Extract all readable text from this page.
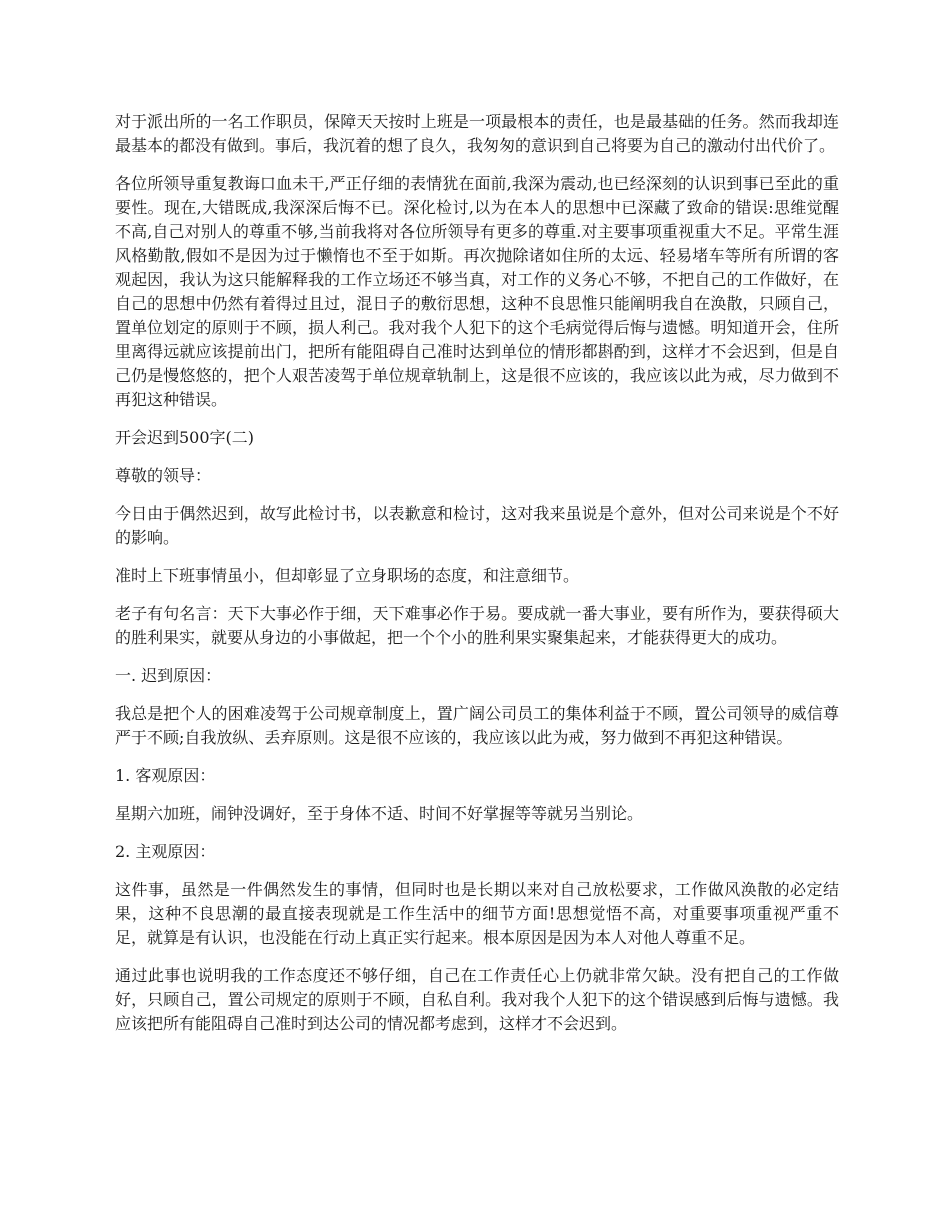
对于派出所的一名工作职员，保障天天按时上班是一项最根本的责任，也是最基础的任务。然而我却连最基本的都没有做到。事后，我沉着的想了良久，我匆匆的意识到自己将要为自己的激动付出代价了。

各位所领导重复教诲口血未干,严正仔细的表情犹在面前,我深为震动,也已经深刻的认识到事已至此的重要性。现在,大错既成,我深深后悔不已。深化检讨,以为在本人的思想中已深藏了致命的错误:思维觉醒不高,自己对别人的尊重不够,当前我将对各位所领导有更多的尊重.对主要事项重视重大不足。平常生涯风格勤散,假如不是因为过于懒惰也不至于如斯。再次抛除诸如住所的太远、轻易堵车等所有所谓的客观起因，我认为这只能解释我的工作立场还不够当真，对工作的义务心不够，不把自己的工作做好，在自己的思想中仍然有着得过且过，混日子的敷衍思想，这种不良思惟只能阐明我自在涣散，只顾自己，置单位划定的原则于不顾，损人利己。我对我个人犯下的这个毛病觉得后悔与遗憾。明知道开会，住所里离得远就应该提前出门，把所有能阻碍自己准时达到单位的情形都斟酌到，这样才不会迟到，但是自己仍是慢悠悠的，把个人艰苦凌驾于单位规章轨制上，这是很不应该的，我应该以此为戒，尽力做到不再犯这种错误。

开会迟到500字(二)

尊敬的领导：

今日由于偶然迟到，故写此检讨书，以表歉意和检讨，这对我来虽说是个意外，但对公司来说是个不好的影响。

准时上下班事情虽小，但却彰显了立身职场的态度，和注意细节。

老子有句名言：天下大事必作于细，天下难事必作于易。要成就一番大事业，要有所作为，要获得硕大的胜利果实，就要从身边的小事做起，把一个个小的胜利果实聚集起来，才能获得更大的成功。

一. 迟到原因：

我总是把个人的困难凌驾于公司规章制度上，置广阔公司员工的集体利益于不顾，置公司领导的威信尊严于不顾;自我放纵、丢弃原则。这是很不应该的，我应该以此为戒，努力做到不再犯这种错误。

1. 客观原因：

星期六加班，闹钟没调好，至于身体不适、时间不好掌握等等就另当别论。

2. 主观原因：

这件事，虽然是一件偶然发生的事情，但同时也是长期以来对自己放松要求，工作做风涣散的必定结果，这种不良思潮的最直接表现就是工作生活中的细节方面!思想觉悟不高，对重要事项重视严重不足，就算是有认识，也没能在行动上真正实行起来。根本原因是因为本人对他人尊重不足。

通过此事也说明我的工作态度还不够仔细，自己在工作责任心上仍就非常欠缺。没有把自己的工作做好，只顾自己，置公司规定的原则于不顾，自私自利。我对我个人犯下的这个错误感到后悔与遗憾。我应该把所有能阻碍自己准时到达公司的情况都考虑到，这样才不会迟到。
